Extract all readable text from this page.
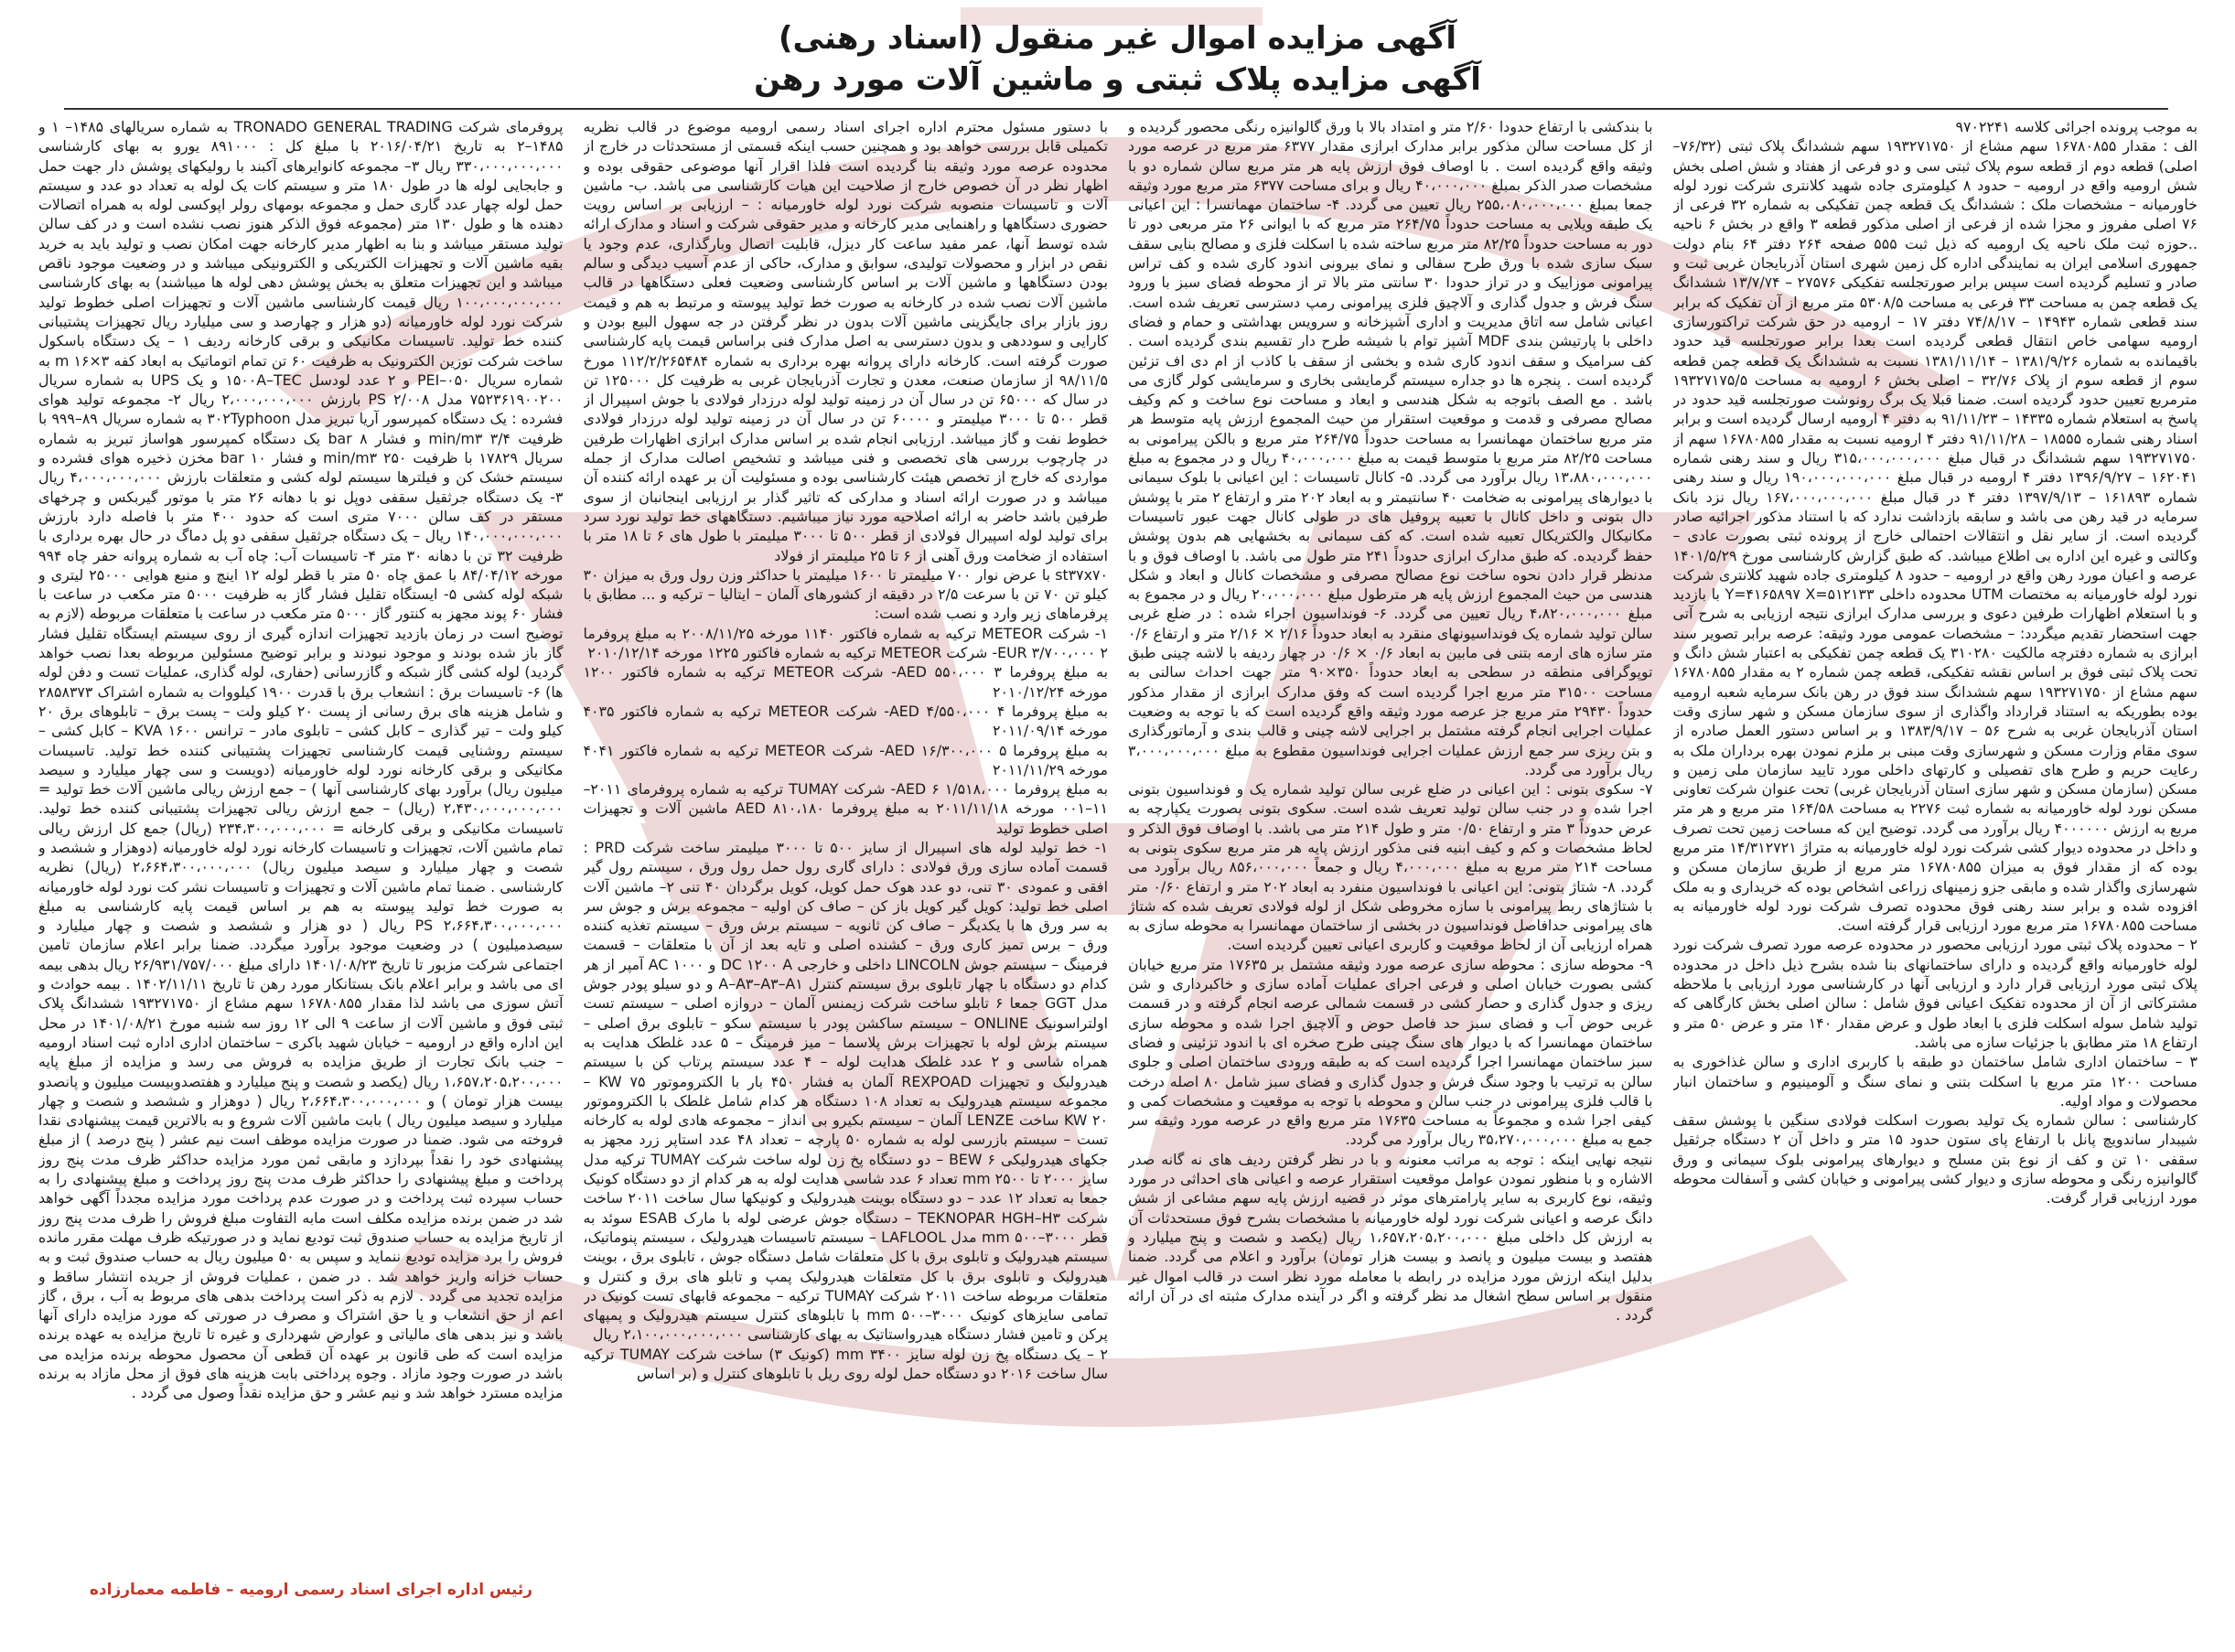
آگهی مزایده اموال غیر منقول (اسناد رهنی)
آگهی مزایده پلاک ثبتی و ماشین آلات مورد رهن

به موجب پرونده اجرائی کلاسه ۹۷۰۲۲۴۱

الف : مقدار ۱۶۷۸۰۸۵۵ سهم مشاع از ۱۹۳۲۷۱۷۵۰ سهم ششدانگ پلاک ثبتی (۷۶/۳۲–اصلی) قطعه دوم از قطعه سوم پلاک ثبتی سی و دو فرعی از هفتاد و شش اصلی بخش شش ارومیه واقع در ارومیه – حدود ۸ کیلومتری جاده شهید کلانتری شرکت نورد لوله خاورمیانه – مشخصات ملک : ششدانگ یک قطعه چمن تفکیکی به شماره ۳۲ فرعی از ۷۶ اصلی مفروز و مجزا شده از فرعی از اصلی مذکور قطعه ۳ واقع در بخش ۶ ناحیه ..حوزه ثبت ملک ناحیه یک ارومیه که ذیل ثبت ۵۵۵ صفحه ۲۶۴ دفتر ۶۴ بنام دولت جمهوری اسلامی ایران به نمایندگی اداره کل زمین شهری استان آذربایجان غربی ثبت و صادر و تسلیم گردیده است سپس برابر صورتجلسه تفکیکی ۲۷۵۷۶ – ۱۳/۷/۷۴ ششدانگ یک قطعه چمن به مساحت ۳۳ فرعی به مساحت ۵۳۰۸/۵ متر مربع از آن تفکیک که برابر سند قطعی شماره ۱۴۹۴۳ – ۷۴/۸/۱۷ دفتر ۱۷ – ارومیه در حق شرکت تراکتورسازی ارومیه سهامی خاص انتقال قطعی گردیده است بعدا برابر صورتجلسه قید حدود باقیمانده به شماره ۱۳۸۱/۹/۲۶ – ۱۳۸۱/۱۱/۱۴ نسبت به ششدانگ یک قطعه چمن قطعه سوم از قطعه سوم از پلاک ۳۲/۷۶ – اصلی بخش ۶ ارومیه به مساحت ۱۹۳۲۷۱۷۵/۵ مترمربع تعیین حدود گردیده است. ضمنا قبلا یک برگ رونوشت صورتجلسه قید حدود در پاسخ به استعلام شماره ۱۴۳۳۵ – ۹۱/۱۱/۲۳ به دفتر ۴ ارومیه ارسال گردیده است و برابر اسناد رهنی شماره ۱۸۵۵۵ – ۹۱/۱۱/۲۸ دفتر ۴ ارومیه نسبت به مقدار ۱۶۷۸۰۸۵۵ سهم از ۱۹۳۲۷۱۷۵۰ سهم ششدانگ در قبال مبلغ ۳۱۵،۰۰۰،۰۰۰،۰۰۰ ریال و سند رهنی شماره ۱۶۲۰۴۱ – ۱۳۹۶/۹/۲۷ دفتر ۴ ارومیه در قبال مبلغ ۱۹۰،۰۰۰،۰۰۰،۰۰۰ ریال و سند رهنی شماره ۱۶۱۸۹۳ – ۱۳۹۷/۹/۱۳ دفتر ۴ در قبال مبلغ ۱۶۷،۰۰۰،۰۰۰،۰۰۰ ریال نزد بانک سرمایه در قید رهن می باشد و سابقه بازداشت ندارد که با استناد مذکور اجرائیه صادر گردیده است. از سایر نقل و انتقالات احتمالی خارج از پرونده ثبتی بصورت عادی – وکالتی و غیره این اداره بی اطلاع میباشد. که طبق گزارش کارشناسی مورخ ۱۴۰۱/۵/۲۹ عرصه و اعیان مورد رهن واقع در ارومیه – حدود ۸ کیلومتری جاده شهید کلانتری شرکت نورد لوله خاورمیانه به مختصات UTM محدوده داخلی Y=۴۱۶۵۸۹۷ X=۵۱۲۱۳۳ با بازدید و با استعلام اظهارات طرفین دعوی و بررسی مدارک ابرازی نتیجه ارزیابی به شرح آتی جهت استحضار تقدیم میگردد: – مشخصات عمومی مورد وثیقه: عرصه برابر تصویر سند ابرازی به شماره دفترچه مالکیت ۳۱۰۲۸۰ یک قطعه چمن تفکیکی به اعتبار شش دانگ و تحت پلاک ثبتی فوق بر اساس نقشه تفکیکی، قطعه چمن شماره ۲ به مقدار ۱۶۷۸۰۸۵۵ سهم مشاع از ۱۹۳۲۷۱۷۵۰ سهم ششدانگ سند فوق در رهن بانک سرمایه شعبه ارومیه بوده بطوریکه به استناد قرارداد واگذاری از سوی سازمان مسکن و شهر سازی وقت استان آذربایجان غربی به شرح ۵۶ – ۱۳۸۳/۹/۱۷ و بر اساس دستور العمل صادره از سوی مقام وزارت مسکن و شهرسازی وقت مبنی بر ملزم نمودن بهره برداران ملک به رعایت حریم و طرح های تفصیلی و کارتهای داخلی مورد تایید سازمان ملی زمین و مسکن (سازمان مسکن و شهر سازی استان آذربایجان غربی) تحت عنوان شرکت تعاونی مسکن نورد لوله خاورمیانه به شماره ثبت ۲۲۷۶ به مساحت ۱۶۴/۵۸ متر مربع و هر متر مربع به ارزش ۴۰۰۰۰۰۰ ریال برآورد می گردد. توضیح این که مساحت زمین تحت تصرف و داخل در محدوده دیوار کشی شرکت نورد لوله خاورمیانه به متراژ ۱۴/۳۱۲۷۲۱ متر مربع بوده که از مقدار فوق به میزان ۱۶۷۸۰۸۵۵ متر مربع از طریق سازمان مسکن و شهرسازی واگذار شده و مابقی جزو زمینهای زراعی اشخاص بوده که خریداری و به ملک افزوده شده و برابر سند رهنی فوق محدوده تصرف شرکت نورد لوله خاورمیانه به مساحت ۱۶۷۸۰۸۵۵ متر مربع مورد ارزیابی قرار گرفته است.

۲ – محدوده پلاک ثبتی مورد ارزیابی محصور در محدوده عرصه مورد تصرف شرکت نورد لوله خاورمیانه واقع گردیده و دارای ساختمانهای بنا شده بشرح ذیل داخل در محدوده پلاک ثبتی مورد ارزیابی قرار دارد و ارزیابی آنها در کارشناسی مورد ارزیابی با ملاحظه مشترکاتی از آن از محدوده تفکیک اعیانی فوق شامل : سالن اصلی بخش کارگاهی که تولید شامل سوله اسکلت فلزی با ابعاد طول و عرض مقدار ۱۴۰ متر و عرض ۵۰ متر و ارتفاع ۱۸ متر مطابق با جزئیات سازه می باشد.

۳ – ساختمان اداری شامل ساختمان دو طبقه با کاربری اداری و سالن غذاخوری به مساحت ۱۲۰۰ متر مربع با اسکلت بتنی و نمای سنگ و آلومینیوم و ساختمان انبار محصولات و مواد اولیه.

کارشناسی : سالن شماره یک تولید بصورت اسکلت فولادی سنگین با پوشش سقف شیبدار ساندویچ پانل با ارتفاع پای ستون حدود ۱۵ متر و داخل آن ۲ دستگاه جرثقیل سقفی ۱۰ تن و کف از نوع بتن مسلح و دیوارهای پیرامونی بلوک سیمانی و ورق گالوانیزه رنگی و محوطه سازی و دیوار کشی پیرامونی و خیابان کشی و آسفالت محوطه مورد ارزیابی قرار گرفت.

با بندکشی با ارتفاع حدودا ۲/۶۰ متر و امتداد بالا با ورق گالوانیزه رنگی محصور گردیده و از کل مساحت سالن مذکور برابر مدارک ابرازی مقدار ۶۳۷۷ متر مربع در عرصه مورد وثیقه واقع گردیده است . با اوصاف فوق ارزش پایه هر متر مربع سالن شماره دو با مشخصات صدر الذکر بمبلغ ۴۰،۰۰۰،۰۰۰ ریال و برای مساحت ۶۳۷۷ متر مربع مورد وثیقه جمعا بمبلغ ۲۵۵،۰۸۰،۰۰۰،۰۰۰ ریال تعیین می گردد. ۴- ساختمان مهمانسرا : این اعیانی یک طبقه ویلایی به مساحت حدوداً ۲۶۴/۷۵ متر مربع که با ایوانی ۲۶ متر مربعی دور تا دور به مساحت حدوداً ۸۲/۲۵ متر مربع ساخته شده با اسکلت فلزی و مصالح بنایی سقف سبک سازی شده با ورق طرح سفالی و نمای بیرونی اندود کاری شده و کف تراس پیرامونی موزاییک و در تراز حدودا ۳۰ سانتی متر بالا تر از محوطه فضای سبز با ورود سنگ فرش و جدول گذاری و آلاچیق فلزی پیرامونی رمپ دسترسی تعریف شده است. اعیانی شامل سه اتاق مدیریت و اداری آشپزخانه و سرویس بهداشتی و حمام و فضای داخلی با پارتیشن بندی MDF آشپز توام با شیشه طرح دار تقسیم بندی گردیده است . کف سرامیک و سقف اندود کاری شده و بخشی از سقف با کاذب از ام دی اف تزئین گردیده است . پنجره ها دو جداره سیستم گرمایشی بخاری و سرمایشی کولر گازی می باشد . مع الصف باتوجه به شکل هندسی و ابعاد و مساحت نوع ساخت و کم وکیف مصالح مصرفی و قدمت و موقعیت استقرار من حیث المجموع ارزش پایه متوسط هر متر مربع ساختمان مهمانسرا به مساحت حدوداً ۲۶۴/۷۵ متر مربع و بالکن پیرامونی به مساحت ۸۲/۲۵ متر مربع با متوسط قیمت به مبلغ ۴۰،۰۰۰،۰۰۰ ریال و در مجموع به مبلغ ۱۳،۸۸۰،۰۰۰،۰۰۰ ریال برآورد می گردد. ۵- کانال تاسیسات : این اعیانی با بلوک سیمانی با دیوارهای پیرامونی به ضخامت ۴۰ سانتیمتر و به ابعاد ۲۰۲ متر و ارتفاع ۲ متر با پوشش دال بتونی و داخل کانال با تعبیه پروفیل های در طولی کانال جهت عبور تاسیسات مکانیکال والکتریکال تعبیه شده است. که کف سیمانی به بخشهایی هم بدون پوشش حفظ گردیده. که طبق مدارک ابرازی حدوداً ۲۴۱ متر طول می باشد. با اوصاف فوق و با مدنظر قرار دادن نحوه ساخت نوع مصالح مصرفی و مشخصات کانال و ابعاد و شکل هندسی من حیث المجموع ارزش پایه هر مترطول مبلغ ۲۰،۰۰۰،۰۰۰ ریال و در مجموع به مبلغ ۴،۸۲۰،۰۰۰،۰۰۰ ریال تعیین می گردد. ۶- فونداسیون اجراء شده : در ضلع غربی سالن تولید شماره یک فونداسیونهای منقرد به ابعاد حدوداً ۲/۱۶ × ۲/۱۶ متر و ارتفاع ۰/۶ متر سازه های ارمه بتنی فی مابین به ابعاد ۰/۶ × ۰/۶ در چهار ردیفه با لاشه چینی طبق توپوگرافی منطقه در سطحی به ابعاد حدوداً ۳۵۰×۹۰ متر جهت احداث سالنی به مساحت ۳۱۵۰۰ متر مربع اجرا گردیده است که وفق مدارک ابرازی از مقدار مذکور حدوداً ۲۹۴۳۰ متر مربع جز عرصه مورد وثیقه واقع گردیده است که با توجه به وضعیت عملیات اجرایی انجام گرفته مشتمل بر اجرایی لاشه چینی و قالب بندی و آرماتورگذاری و بتن ریزی سر جمع ارزش عملیات اجرایی فونداسیون مقطوع به مبلغ ۳،۰۰۰،۰۰۰،۰۰۰ ریال برآورد می گردد.

۷- سکوی بتونی : این اعیانی در ضلع غربی سالن تولید شماره یک و فونداسیون بتونی اجرا شده و در جنب سالن تولید تعریف شده است. سکوی بتونی بصورت یکپارچه به عرض حدوداً ۳ متر و ارتفاع ۰/۵۰ متر و طول ۲۱۴ متر می باشد. با اوصاف فوق الذکر و لحاظ مشخصات و کم و کیف ابنیه فنی مذکور ارزش پایه هر متر مربع سکوی بتونی به مساحت ۲۱۴ متر مربع به مبلغ ۴،۰۰۰،۰۰۰ ریال و جمعاً ۸۵۶،۰۰۰،۰۰۰ ریال برآورد می گردد. ۸- شتاژ بتونی: این اعیانی با فونداسیون منفرد به ابعاد ۲۰۲ متر و ارتفاع ۰/۶۰ متر با شتاژهای ربط پیرامونی با سازه مخروطی شکل از لوله فولادی تعریف شده که شتاژ های پیرامونی حدافاصل فونداسیون در بخشی از ساختمان مهمانسرا به محوطه سازی به همراه ارزیابی آن از لحاظ موقعیت و کاربری اعیانی تعیین گردیده است.

۹- محوطه سازی : محوطه سازی عرصه مورد وثیقه مشتمل بر ۱۷۶۳۵ متر مربع خیابان کشی بصورت خیابان اصلی و فرعی اجرای عملیات آماده سازی و خاکبرداری و شن ریزی و جدول گذاری و حصار کشی در قسمت شمالی عرصه انجام گرفته و در قسمت غربی حوض آب و فضای سبز حد فاصل حوض و آلاچیق اجرا شده و محوطه سازی ساختمان مهمانسرا که با دیوار های سنگ چینی طرح صخره ای با اندود تزئینی و فضای سبز ساختمان مهمانسرا اجرا گردیده است که به طبقه ورودی ساختمان اصلی و جلوی سالن به ترتیب با وجود سنگ فرش و جدول گذاری و فضای سبز شامل ۸۰ اصله درخت با قالب فلزی پیرامونی در جنب سالن و محوطه با توجه به موقعیت و مشخصات کمی و کیفی اجرا شده و مجموعاً به مساحت ۱۷۶۳۵ متر مربع واقع در عرصه مورد وثیقه سر جمع به مبلغ ۳۵،۲۷۰،۰۰۰،۰۰۰ ریال برآورد می گردد.

نتیجه نهایی اینکه : توجه به مراتب معنونه و با در نظر گرفتن ردیف های نه گانه صدر الاشاره و با منظور نمودن عوامل موقعیت استقرار عرصه و اعیانی های احداثی در مورد وثیقه، نوع کاربری به سایر پارامترهای موثر در قضیه ارزش پایه سهم مشاعی از شش دانگ عرصه و اعیانی شرکت نورد لوله خاورمیانه با مشخصات بشرح فوق مستحدثات آن به ارزش کل داخلی مبلغ ۱،۶۵۷،۲۰۵،۲۰۰،۰۰۰ ریال (یکصد و شصت و پنج میلیارد و هفتصد و بیست میلیون و پانصد و بیست هزار تومان) برآورد و اعلام می گردد. ضمنا بدلیل اینکه ارزش مورد مزایده در رابطه با معامله مورد نظر است در قالب اموال غیر منقول بر اساس سطح اشغال مد نظر گرفته و اگر در آینده مدارک مثبته ای در آن ارائه گردد .

با دستور مسئول محترم اداره اجرای اسناد رسمی ارومیه موضوع در قالب نظریه تکمیلی قابل بررسی خواهد بود و همچنین حسب اینکه قسمتی از مستحدثات در خارج از محدوده عرصه مورد وثیقه بنا گردیده است فلذا اقرار آنها موضوعی حقوقی بوده و اظهار نظر در آن خصوص خارج از صلاحیت این هیات کارشناسی می باشد. ب- ماشین آلات و تاسیسات منصوبه شرکت نورد لوله خاورمیانه : – ارزیابی بر اساس رویت حضوری دستگاهها و راهنمایی مدیر کارخانه و مدیر حقوقی شرکت و اسناد و مدارک ارائه شده توسط آنها، عمر مفید ساعت کار دیزل، قابلیت اتصال وبارگذاری، عدم وجود یا نقص در ابزار و محصولات تولیدی، سوابق و مدارک، حاکی از عدم آسیب دیدگی و سالم بودن دستگاهها و ماشین آلات بر اساس کارشناسی وضعیت فعلی دستگاهها در قالب ماشین آلات نصب شده در کارخانه به صورت خط تولید پیوسته و مرتبط به هم و قیمت روز بازار برای جایگزینی ماشین آلات بدون در نظر گرفتن در جه سهول البیع بودن و کارایی و سوددهی و بدون دسترسی به اصل مدارک فنی براساس قیمت پایه کارشناسی صورت گرفته است. کارخانه دارای پروانه بهره برداری به شماره ۱۱۲/۲/۲۶۵۴۸۴ مورخ ۹۸/۱۱/۵ از سازمان صنعت، معدن و تجارت آذربایجان غربی به ظرفیت کل ۱۲۵۰۰۰ تن در سال که ۶۵۰۰۰ تن در سال آن در زمینه تولید لوله درزدار فولادی با جوش اسپیرال از قطر ۵۰۰ تا ۳۰۰۰ میلیمتر و ۶۰۰۰۰ تن در سال آن در زمینه تولید لوله درزدار فولادی خطوط نفت و گاز میباشد. ارزیابی انجام شده بر اساس مدارک ابرازی اظهارات طرفین در چارچوب بررسی های تخصصی و فنی میباشد و تشخیص اصالت مدارک از جمله مواردی که خارج از تخصص هیئت کارشناسی بوده و مسئولیت آن بر عهده ارائه کننده آن میباشد و در صورت ارائه اسناد و مدارکی که تاثیر گذار بر ارزیابی اینجانبان از سوی طرفین باشد حاضر به ارائه اصلاحیه مورد نیاز میباشیم. دستگاههای خط تولید نورد سرد برای تولید لوله اسپیرال فولادی از قطر ۵۰۰ تا ۳۰۰۰ میلیمتر با طول های ۶ تا ۱۸ متر با استفاده از ضخامت ورق آهنی از ۶ تا ۲۵ میلیمتر از فولاد

st۳۷x۷۰ با عرض نوار ۷۰۰ میلیمتر تا ۱۶۰۰ میلیمتر با حداکثر وزن رول ورق به میزان ۳۰ کیلو تن ۷۰ تن با سرعت ۲/۵ در دقیقه از کشورهای آلمان – ایتالیا – ترکیه و ... مطابق با پرفرماهای زیر وارد و نصب شده است:

۱- شرکت METEOR ترکیه به شماره فاکتور ۱۱۴۰ مورخه ۲۰۰۸/۱۱/۲۵ به مبلغ پروفرما EUR ۳/۷۰۰،۰۰۰ ۲- شرکت METEOR ترکیه به شماره فاکتور ۱۲۲۵ مورخه ۲۰۱۰/۱۲/۱۴

به مبلغ پروفرما AED ۵۵۰،۰۰۰ ۳- شرکت METEOR ترکیه به شماره فاکتور ۱۲۰۰ مورخه ۲۰۱۰/۱۲/۲۴

به مبلغ پروفرما AED ۴/۵۵۰،۰۰۰ ۴- شرکت METEOR ترکیه به شماره فاکتور ۴۰۳۵ مورخه ۲۰۱۱/۰۹/۱۴

به مبلغ پروفرما AED ۱۶/۳۰۰،۰۰۰ ۵- شرکت METEOR ترکیه به شماره فاکتور ۴۰۴۱ مورخه ۲۰۱۱/۱۱/۲۹

به مبلغ پروفرما ۱/۵۱۸،۰۰۰ AED ۶- شرکت TUMAY ترکیه به شماره پروفرمای ۲۰۱۱–۱۱–۰۰۱ مورخه ۲۰۱۱/۱۱/۱۸ به مبلغ پروفرما AED ۸۱۰،۱۸۰ ماشین آلات و تجهیزات اصلی خطوط تولید

۱- خط تولید لوله های اسپیرال از سایز ۵۰۰ تا ۳۰۰۰ میلیمتر ساخت شرکت PRD : قسمت آماده سازی ورق فولادی : دارای گاری رول حمل رول ورق ، سیستم رول گیر افقی و عمودی ۳۰ تنی، دو عدد هوک حمل کویل، کویل برگردان ۴۰ تنی ۲– ماشین آلات اصلی خط تولید: کویل گیر کویل باز کن – صاف کن اولیه – مجموعه برش و جوش سر به سر ورق ها با یکدیگر – صاف کن ثانویه – سیستم برش ورق – سیستم تغذیه کننده ورق – برس تمیز کاری ورق – کشنده اصلی و تایه بعد از آن با متعلقات – قسمت فرمینگ – سیستم جوش LINCOLN داخلی و خارجی DC ۱۲۰۰ A و AC ۱۰۰۰ آمپر از هر کدام دو دستگاه با چهار تابلوی برق سیستم کنترل A–A۳–A۳–A۱ و دو سیلو پودر جوش مدل GGT جمعا ۶ تابلو ساخت شرکت زیمنس آلمان – دروازه اصلی – سیستم تست اولتراسونیک ONLINE – سیستم ساکشن پودر با سیستم سکو – تابلوی برق اصلی – سیستم برش لوله با تجهیزات برش پلاسما – میز فرمینگ – ۵ عدد غلطک هدایت به همراه شاسی و ۲ عدد غلطک هدایت لوله – ۴ عدد سیستم پرتاب کن با سیستم هیدرولیک و تجهیزات REXPOAD آلمان به فشار ۴۵۰ بار با الکتروموتور KW ۷۵ – مجموعه سیستم هیدرولیک به تعداد ۱۰۸ دستگاه هر کدام شامل غلطک با الکتروموتور KW ۲۰ ساخت LENZE آلمان – سیستم بکیرو بی انداز – مجموعه هادی لوله به کارخانه تست – سیستم بازرسی لوله به شماره ۵۰ پارچه – تعداد ۴۸ عدد استاپر زرد مجهز به جکهای هیدرولیکی BEW ۶ – دو دستگاه پخ زن لوله ساخت شرکت TUMAY ترکیه مدل سایز ۲۰۰۰ تا ۲۵۰۰ mm تعداد ۶ عدد شاسی هدایت لوله به هر کدام از دو دستگاه کونیک جمعا به تعداد ۱۲ عدد – دو دستگاه بوینت هیدرولیک و کونیکها سال ساخت ۲۰۱۱ ساخت شرکت TEKNOPAR HGH–H۳ – دستگاه جوش عرضی لوله با مارک ESAB سوئد به قطر mm ۵۰۰–۳۰۰۰ مدل LAFLOOL – سیستم تاسیسات هیدرولیک ، سیستم پنوماتیک، سیستم هیدرولیک و تابلوی برق با کل متعلقات شامل دستگاه جوش ، تابلوی برق ، بوینت هیدرولیک و تابلوی برق با کل متعلقات هیدرولیک پمپ و تابلو های برق و کنترل و متعلقات مربوطه ساخت ۲۰۱۱ شرکت TUMAY ترکیه – مجموعه قابهای تست کونیک در تمامی سایزهای کونیک ۳۰۰۰–۵۰۰ mm با تابلوهای کنترل سیستم هیدرولیک و پمپهای پرکن و تامین فشار دستگاه هیدرواستاتیک به بهای کارشناسی ۲،۱۰۰،۰۰۰،۰۰۰،۰۰۰ ریال

۲ – یک دستگاه پخ زن لوله سایز ۳۴۰۰ mm (کونیک ۳) ساخت شرکت TUMAY ترکیه سال ساخت ۲۰۱۶ دو دستگاه حمل لوله روی ریل با تابلوهای کنترل و (بر اساس

پروفرمای شرکت TRONADO GENERAL TRADING به شماره سریالهای ۱۴۸۵– ۱ و ۱۴۸۵–۲ به تاریخ ۲۰۱۶/۰۴/۲۱ با مبلغ کل : ۸۹۱۰۰۰ یورو به بهای کارشناسی ۳۳۰،۰۰۰،۰۰۰،۰۰۰ ریال ۳– مجموعه کانوایرهای آکبند با رولیکهای پوشش دار جهت حمل و جابجایی لوله ها در طول ۱۸۰ متر و سیستم کات یک لوله به تعداد دو عدد و سیستم حمل لوله چهار عدد گاری حمل و مجموعه بومهای رولر اپوکسی لوله به همراه اتصالات دهنده ها و طول ۱۳۰ متر (مجموعه فوق الذکر هنوز نصب نشده است و در کف سالن تولید مستقر میباشد و بنا به اظهار مدیر کارخانه جهت امکان نصب و تولید باید به خرید بقیه ماشین آلات و تجهیزات الکتریکی و الکترونیکی میباشد و در وضعیت موجود ناقص میباشد و این تجهیزات متعلق به بخش پوشش دهی لوله ها میباشند) به بهای کارشناسی ۱۰۰،۰۰۰،۰۰۰،۰۰۰ ریال قیمت کارشناسی ماشین آلات و تجهیزات اصلی خطوط تولید شرکت نورد لوله خاورمیانه (دو هزار و چهارصد و سی میلیارد ریال تجهیزات پشتیبانی کننده خط تولید. تاسیسات مکانیکی و برقی کارخانه ردیف ۱ – یک دستگاه باسکول ساخت شرکت توزین الکترونیک به ظرفیت ۶۰ تن تمام اتوماتیک به ابعاد کفه ۳×۱۶ m به شماره سریال ۰۵۰–PEI و ۲ عدد لودسل ۱۵۰۰A–TEC و یک UPS به شماره سریال ۷۵۲۳۶۱۹۰۰۲۰۰ مدل PS ۲/۰۰۸ بارزش ۲،۰۰۰،۰۰۰،۰۰۰ ریال ۲- مجموعه تولید هوای فشرده : یک دستگاه کمپرسور آریا تبریز مدل ۳۰۲Typhoon به شماره سریال ۸۹–۹۹۹ با ظرفیت ۳/۴ min/m۳ و فشار ۸ bar یک دستگاه کمپرسور هواساز تبریز به شماره سریال ۱۷۸۲۹ با ظرفیت ۲۵۰ min/m۳ و فشار ۱۰ bar مخزن ذخیره هوای فشرده و سیستم خشک کن و فیلترها سیستم لوله کشی و متعلقات بارزش ۴،۰۰۰،۰۰۰،۰۰۰ ریال ۳- یک دستگاه جرثقیل سقفی دوپل نو با دهانه ۲۶ متر با موتور گیربکس و چرخهای مستقر در کف سالن ۷۰۰۰ متری است که حدود ۴۰۰ متر با فاصله دارد بارزش ۱۴۰،۰۰۰،۰۰۰،۰۰۰ ریال – یک دستگاه جرثقیل سقفی دو پل دماگ در حال بهره برداری با ظرفیت ۳۲ تن با دهانه ۳۰ متر ۴- تاسیسات آب: چاه آب به شماره پروانه حفر چاه ۹۹۴ مورخه ۸۴/۰۴/۱۲ با عمق چاه ۵۰ متر با قطر لوله ۱۲ اینچ و منبع هوایی ۲۵۰۰۰ لیتری و شبکه لوله کشی ۵- ایستگاه تقلیل فشار گاز به ظرفیت ۵۰۰۰ متر مکعب در ساعت با فشار ۶۰ پوند مجهز به کنتور گاز ۵۰۰۰ متر مکعب در ساعت با متعلقات مربوطه (لازم به توضیح است در زمان بازدید تجهیزات اندازه گیری از روی سیستم ایستگاه تقلیل فشار گاز باز شده بودند و موجود نبودند و برابر توضیح مسئولین مربوطه بعدا نصب خواهد گردید) لوله کشی گاز شبکه و گازرسانی (حفاری، لوله گذاری، عملیات تست و دفن لوله ها) ۶- تاسیسات برق : انشعاب برق با قدرت ۱۹۰۰ کیلووات به شماره اشتراک ۲۸۵۸۳۷۳ و شامل هزینه های برق رسانی از پست ۲۰ کیلو ولت – پست برق – تابلوهای برق ۲۰ کیلو ولت – تیر گذاری – کابل کشی – تابلوی مادر – ترانس ۱۶۰۰ KVA – کابل کشی – سیستم روشنایی قیمت کارشناسی تجهیزات پشتیبانی کننده خط تولید. تاسیسات مکانیکی و برقی کارخانه نورد لوله خاورمیانه (دویست و سی چهار میلیارد و سیصد میلیون ریال) برآورد بهای کارشناسی آنها ) – جمع ارزش ریالی ماشین آلات خط تولید = ۲،۴۳۰،۰۰۰،۰۰۰،۰۰۰ (ریال) – جمع ارزش ریالی تجهیزات پشتیبانی کننده خط تولید. تاسیسات مکانیکی و برقی کارخانه = ۲۳۴،۳۰۰،۰۰۰،۰۰۰ (ریال) جمع کل ارزش ریالی تمام ماشین آلات، تجهیزات و تاسیسات کارخانه نورد لوله خاورمیانه (دوهزار و ششصد و شصت و چهار میلیارد و سیصد میلیون ریال) ۲،۶۶۴،۳۰۰،۰۰۰،۰۰۰ (ریال) نظریه کارشناسی . ضمنا تمام ماشین آلات و تجهیزات و تاسیسات نشر کت نورد لوله خاورمیانه به صورت خط تولید پیوسته به هم بر اساس قیمت پایه کارشناسی به مبلغ ۲،۶۶۴،۳۰۰،۰۰۰،۰۰۰ PS ریال ( دو هزار و ششصد و شصت و چهار میلیارد و سیصدمیلیون ) در وضعیت موجود برآورد میگردد. ضمنا برابر اعلام سازمان تامین اجتماعی شرکت مزبور تا تاریخ ۱۴۰۱/۰۸/۲۳ دارای مبلغ ۲۶/۹۳۱/۷۵۷/۰۰۰ ریال بدهی بیمه ای می باشد و برابر اعلام بانک بستانکار مورد رهن تا تاریخ ۱۴۰۲/۱۱/۱۱ . بیمه حوادث و آتش سوزی می باشد لذا مقدار ۱۶۷۸۰۸۵۵ سهم مشاع از ۱۹۳۲۷۱۷۵۰ ششدانگ پلاک ثبتی فوق و ماشین آلات از ساعت ۹ الی ۱۲ روز سه شنبه مورخ ۱۴۰۱/۰۸/۲۱ در محل این اداره واقع در ارومیه – خیابان شهید باکری – ساختمان اداری اداره ثبت اسناد ارومیه – جنب بانک تجارت از طریق مزایده به فروش می رسد و مزایده از مبلغ پایه ۱،۶۵۷،۲۰۵،۲۰۰،۰۰۰ ریال (یکصد و شصت و پنج میلیارد و هفتصدوبیست میلیون و پانصدو بیست هزار تومان ) و ۲،۶۶۴،۳۰۰،۰۰۰،۰۰۰ ریال ( دوهزار و ششصد و شصت و چهار میلیارد و سیصد میلیون ریال ) بابت ماشین آلات شروع و به بالاترین قیمت پیشنهادی نقدا فروخته می شود. ضمنا در صورت مزایده موظف است نیم عشر ( پنج درصد ) از مبلغ پیشنهادی خود را نقداً بپردازد و مابقی ثمن مورد مزایده حداکثر ظرف مدت پنج روز پرداخت و مبلغ پیشنهادی را حداکثر ظرف مدت پنج روز پرداخت و مبلغ پیشنهادی را به حساب سپرده ثبت پرداخت و در صورت عدم پرداخت مورد مزایده مجدداً آگهی خواهد شد در ضمن برنده مزایده مکلف است مابه التفاوت مبلغ فروش را ظرف مدت پنج روز از تاریخ مزایده به حساب صندوق ثبت تودیع نماید و در صورتیکه ظرف مهلت مقرر مانده فروش را برد مزایده تودیع ننماید و سپس به ۵۰ میلیون ریال به حساب صندوق ثبت و به حساب خزانه واریز خواهد شد . در ضمن ، عملیات فروش از جریده انتشار ساقط و مزایده تجدید می گردد . لازم به ذکر است پرداخت بدهی های مربوط به آب ، برق ، گاز اعم از حق انشعاب و یا حق اشتراک و مصرف در صورتی که مورد مزایده دارای آنها باشد و نیز بدهی های مالیاتی و عوارض شهرداری و غیره تا تاریخ مزایده به عهده برنده مزایده است که طی قانون بر عهده آن قطعی آن محصول محوطه برنده مزایده می باشد در صورت وجود مازاد . وجوه پرداختی بابت هزینه های فوق از محل مازاد به برنده مزایده مسترد خواهد شد و نیم عشر و حق مزایده نقداً وصول می گردد .

رئیس اداره اجرای اسناد رسمی ارومیه – فاطمه معمارزاده
